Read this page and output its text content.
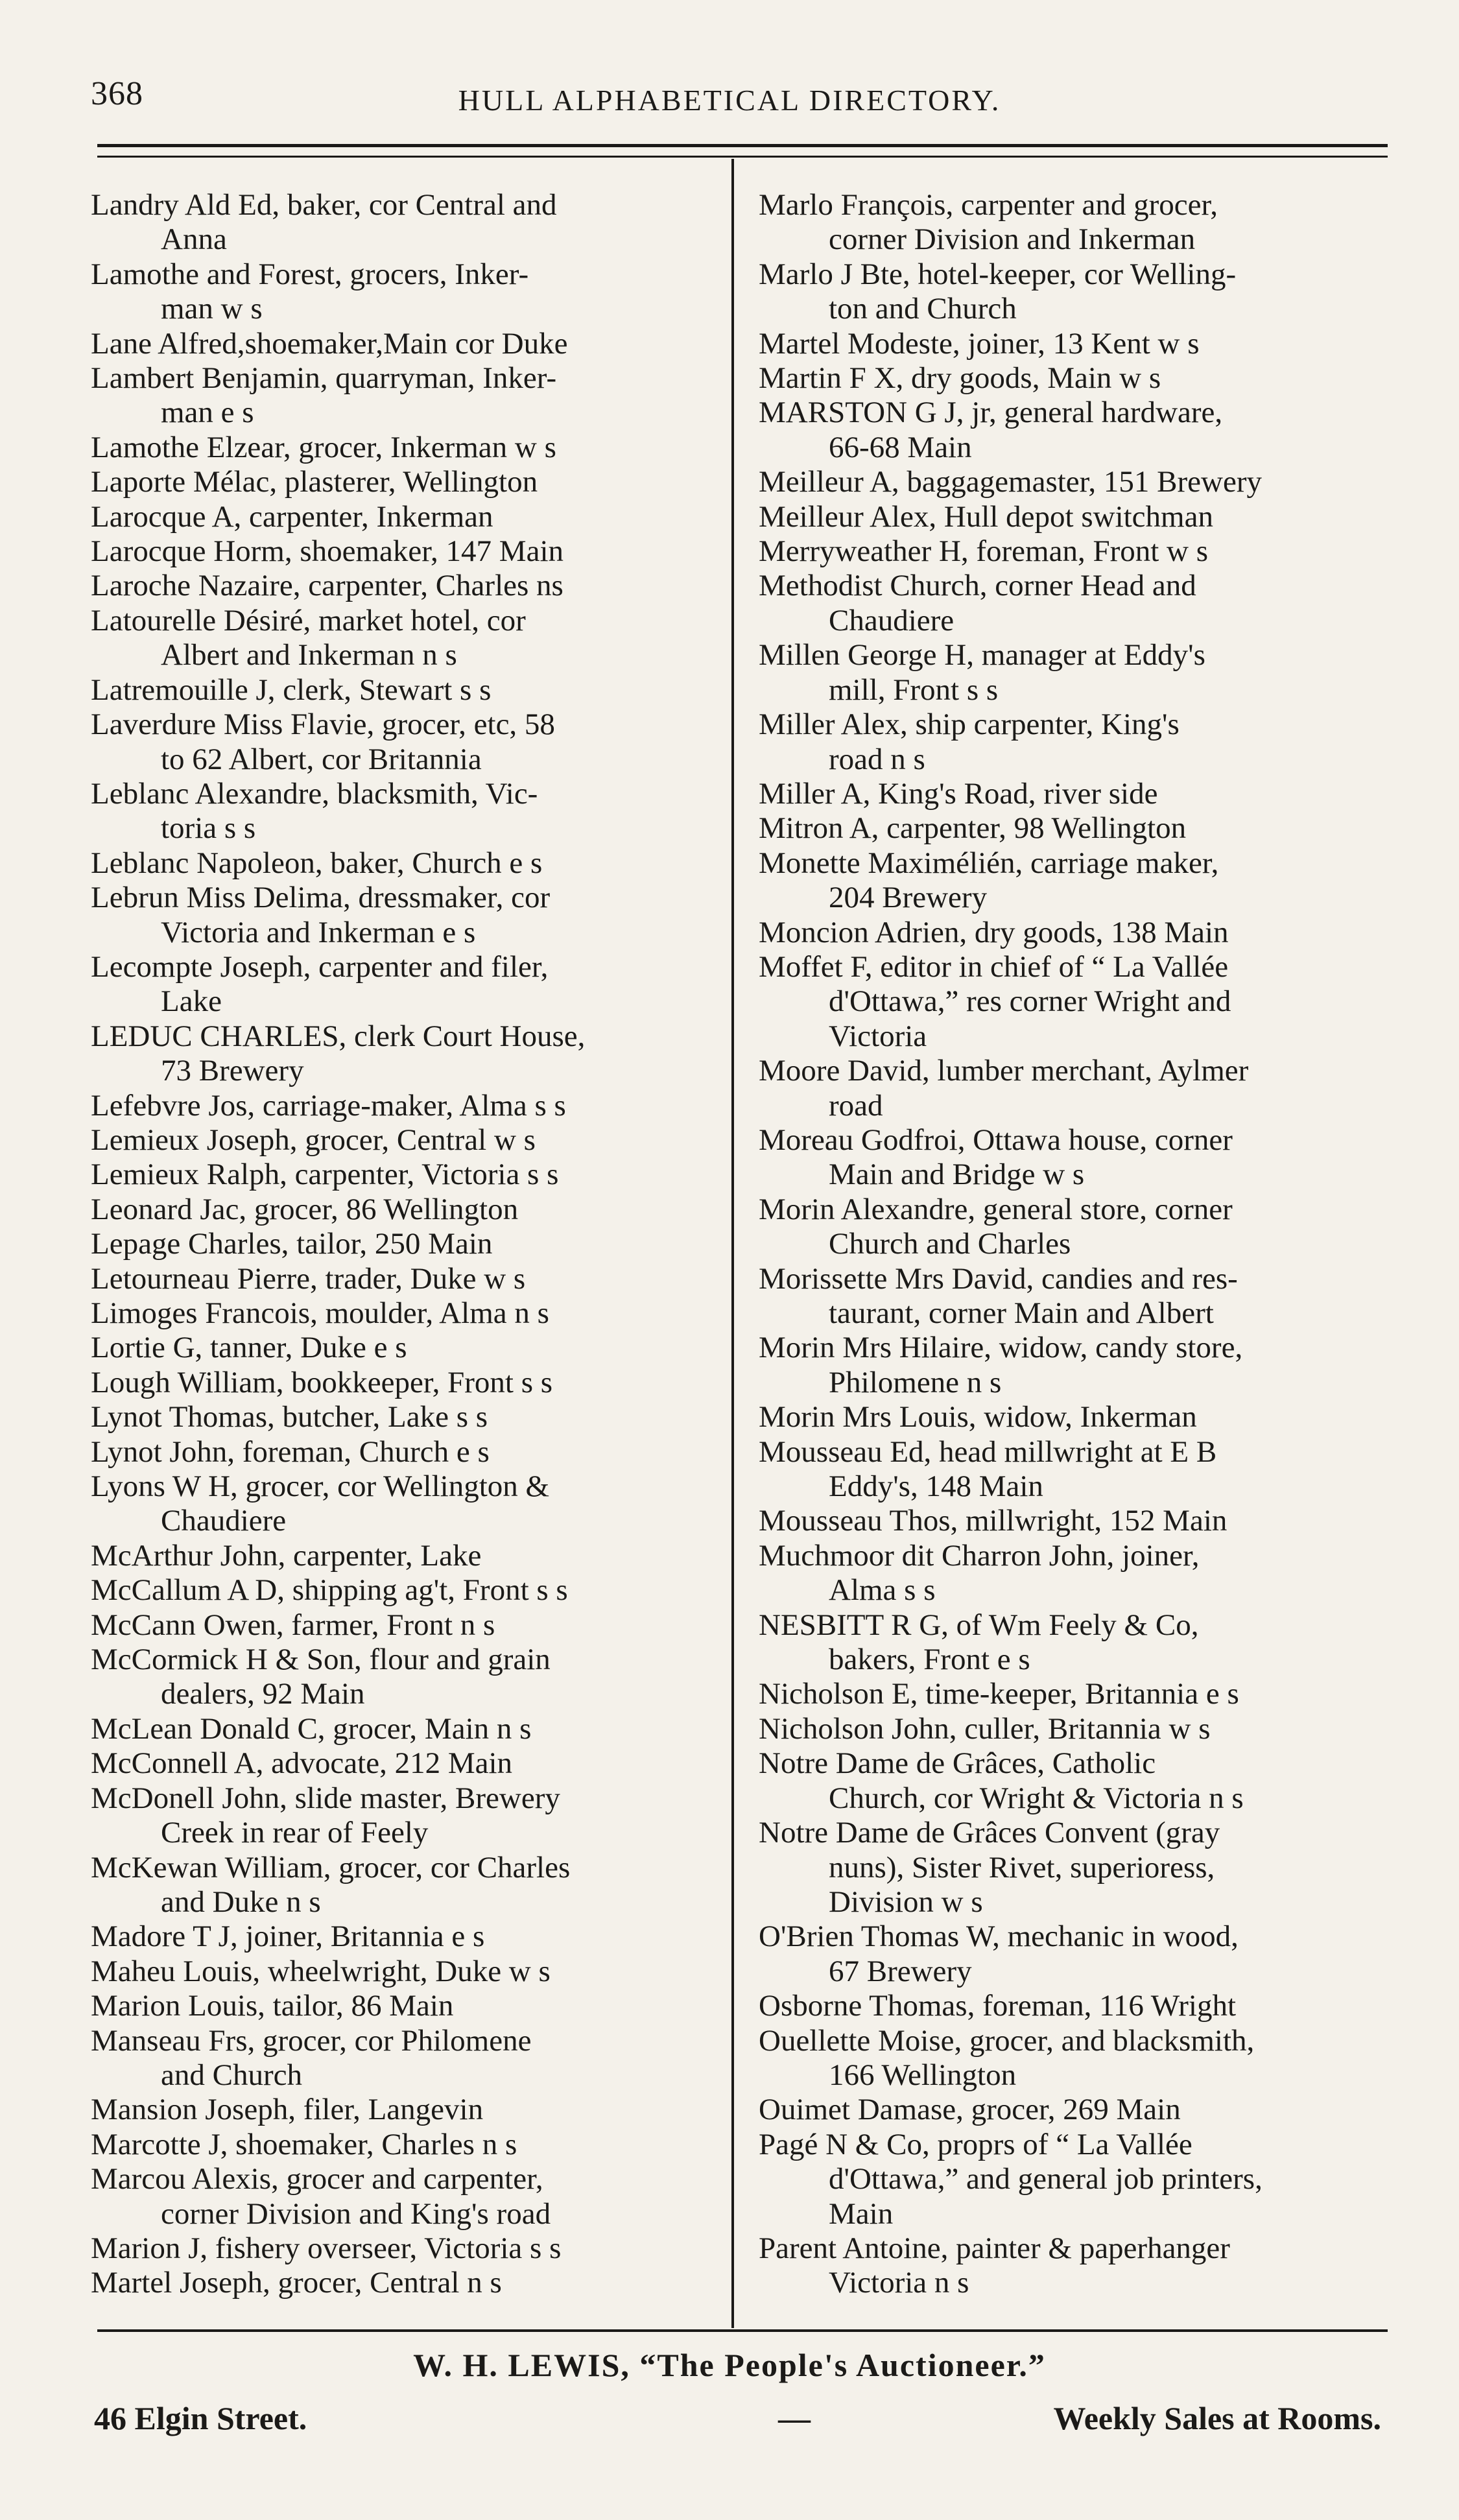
368	HULL ALPHABETICAL DIRECTORY.
Landry Ald Ed, baker, cor Central and
Anna
Lamothe and Forest, grocers, Inker-
man w s
Lane Alfred,shoemaker,Main cor Duke
Lambert Benjamin, quarryman, Inker-
man e s
Lamothe Elzear, grocer, Inkerman w s
Laporte Mélac, plasterer, Wellington
Larocque A, carpenter, Inkerman
Larocque Horm, shoemaker, 147 Main
Laroche Nazaire, carpenter, Charles ns
Latourelle Désiré, market hotel, cor
Albert and Inkerman n s
Latremouille J, clerk, Stewart s s
Laverdure Miss Flavie, grocer, etc, 58
to 62 Albert, cor Britannia
Leblanc Alexandre, blacksmith, Vic-
toria s s
Leblanc Napoleon, baker, Church e s
Lebrun Miss Delima, dressmaker, cor
Victoria and Inkerman e s
Lecompte Joseph, carpenter and filer,
Lake
LEDUC CHARLES, clerk Court House,
73 Brewery
Lefebvre Jos, carriage-maker, Alma s s
Lemieux Joseph, grocer, Central w s
Lemieux Ralph, carpenter, Victoria s s
Leonard Jac, grocer, 86 Wellington
Lepage Charles, tailor, 250 Main
Letourneau Pierre, trader, Duke w s
Limoges Francois, moulder, Alma n s
Lortie G, tanner, Duke e s
Lough William, bookkeeper, Front s s
Lynot Thomas, butcher, Lake s s
Lynot John, foreman, Church e s
Lyons W H, grocer, cor Wellington &
Chaudiere
McArthur John, carpenter, Lake
McCallum A D, shipping ag't, Front s s
McCann Owen, farmer, Front n s
McCormick H & Son, flour and grain
dealers, 92 Main
McLean Donald C, grocer, Main n s
McConnell A, advocate, 212 Main
McDonell John, slide master, Brewery
Creek in rear of Feely
McKewan William, grocer, cor Charles
and Duke n s
Madore T J, joiner, Britannia e s
Maheu Louis, wheelwright, Duke w s
Marion Louis, tailor, 86 Main
Manseau Frs, grocer, cor Philomene
and Church
Mansion Joseph, filer, Langevin
Marcotte J, shoemaker, Charles n s
Marcou Alexis, grocer and carpenter,
corner Division and King's road
Marion J, fishery overseer, Victoria s s
Martel Joseph, grocer, Central n s
Marlo François, carpenter and grocer,
corner Division and Inkerman
Marlo J Bte, hotel-keeper, cor Welling-
ton and Church
Martel Modeste, joiner, 13 Kent w s
Martin F X, dry goods, Main w s
MARSTON G J, jr, general hardware,
66-68 Main
Meilleur A, baggagemaster, 151 Brewery
Meilleur Alex, Hull depot switchman
Merryweather H, foreman, Front w s
Methodist Church, corner Head and
Chaudiere
Millen George H, manager at Eddy's
mill, Front s s
Miller Alex, ship carpenter, King's
road n s
Miller A, King's Road, river side
Mitron A, carpenter, 98 Wellington
Monette Maximélién, carriage maker,
204 Brewery
Moncion Adrien, dry goods, 138 Main
Moffet F, editor in chief of “ La Vallée
d'Ottawa,” res corner Wright and
Victoria
Moore David, lumber merchant, Aylmer
road
Moreau Godfroi, Ottawa house, corner
Main and Bridge w s
Morin Alexandre, general store, corner
Church and Charles
Morissette Mrs David, candies and res-
taurant, corner Main and Albert
Morin Mrs Hilaire, widow, candy store,
Philomene n s
Morin Mrs Louis, widow, Inkerman
Mousseau Ed, head millwright at E B
Eddy's, 148 Main
Mousseau Thos, millwright, 152 Main
Muchmoor dit Charron John, joiner,
Alma s s
NESBITT R G, of Wm Feely & Co,
bakers, Front e s
Nicholson E, time-keeper, Britannia e s
Nicholson John, culler, Britannia w s
Notre Dame de Grâces, Catholic
Church, cor Wright & Victoria n s
Notre Dame de Grâces Convent (gray
nuns), Sister Rivet, superioress,
Division w s
O'Brien Thomas W, mechanic in wood,
67 Brewery
Osborne Thomas, foreman, 116 Wright
Ouellette Moise, grocer, and blacksmith,
166 Wellington
Ouimet Damase, grocer, 269 Main
Pagé N & Co, proprs of “ La Vallée
d'Ottawa,” and general job printers,
Main
Parent Antoine, painter & paperhanger
Victoria n s
W. H. LEWIS, “The People's Auctioneer.”
46 Elgin Street.	—	Weekly Sales at Rooms.
